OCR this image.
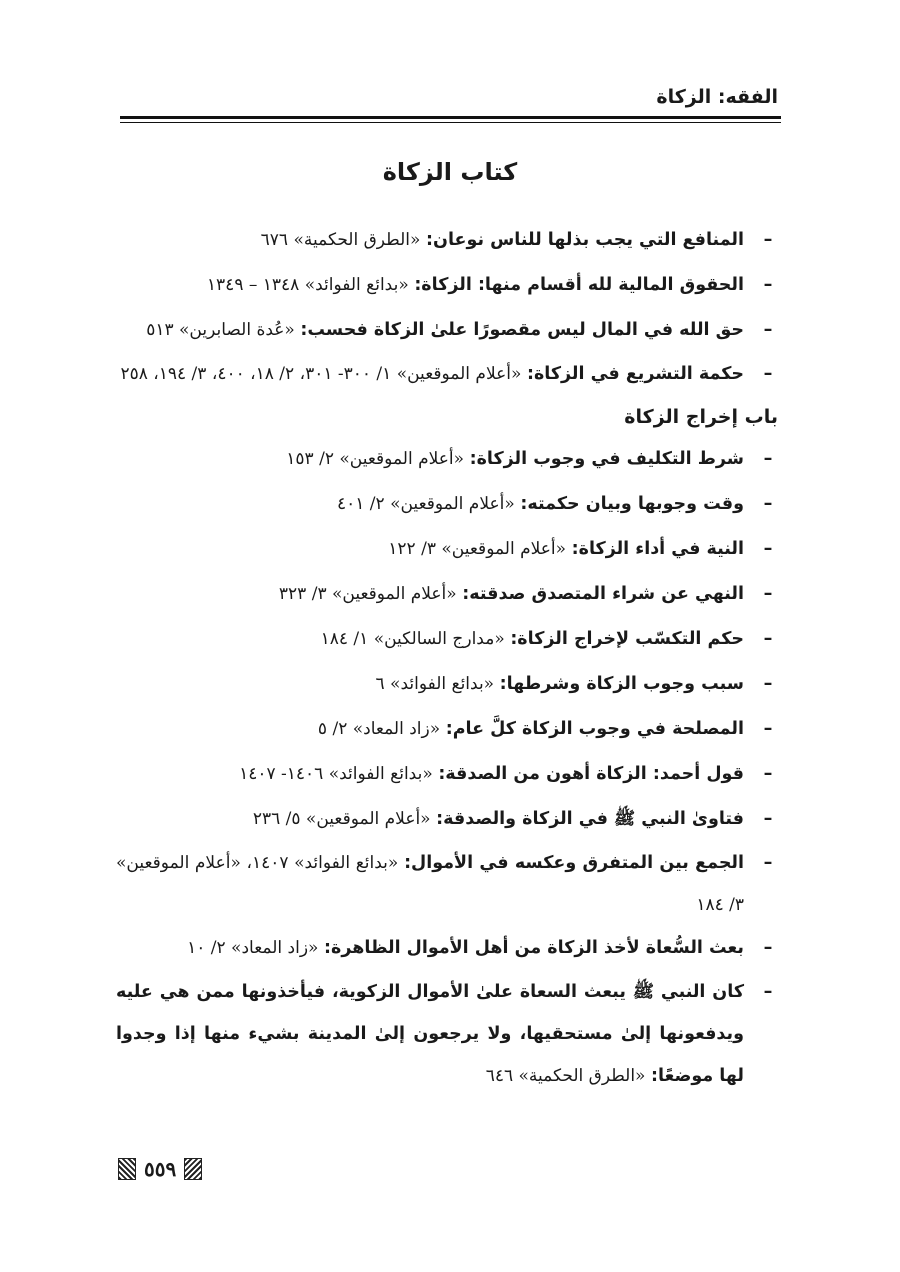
الفقه: الزكاة
كتاب الزكاة
–
المنافع التي يجب بذلها للناس نوعان: «الطرق الحكمية» ٦٧٦
–
الحقوق المالية لله أقسام منها: الزكاة: «بدائع الفوائد» ١٣٤٨ – ١٣٤٩
–
حق الله في المال ليس مقصورًا علىٰ الزكاة فحسب: «عُدة الصابرين» ٥١٣
–
حكمة التشريع في الزكاة: «أعلام الموقعين» ١/ ٣٠٠- ٣٠١، ٢/ ١٨، ٤٠٠، ٣/ ١٩٤، ٢٥٨
باب إخراج الزكاة
–
شرط التكليف في وجوب الزكاة: «أعلام الموقعين» ٢/ ١٥٣
–
وقت وجوبها وبيان حكمته: «أعلام الموقعين» ٢/ ٤٠١
–
النية في أداء الزكاة: «أعلام الموقعين» ٣/ ١٢٢
–
النهي عن شراء المتصدق صدقته: «أعلام الموقعين» ٣/ ٣٢٣
–
حكم التكسّب لإخراج الزكاة: «مدارج السالكين» ١/ ١٨٤
–
سبب وجوب الزكاة وشرطها: «بدائع الفوائد» ٦
–
المصلحة في وجوب الزكاة كلَّ عام: «زاد المعاد» ٢/ ٥
–
قول أحمد: الزكاة أهون من الصدقة: «بدائع الفوائد» ١٤٠٦- ١٤٠٧
–
فتاوىٰ النبي ﷺ في الزكاة والصدقة: «أعلام الموقعين» ٥/ ٢٣٦
–
الجمع بين المتفرق وعكسه في الأموال: «بدائع الفوائد» ١٤٠٧، «أعلام الموقعين» ٣/ ١٨٤
–
بعث السُّعاة لأخذ الزكاة من أهل الأموال الظاهرة: «زاد المعاد» ٢/ ١٠
–
كان النبي ﷺ يبعث السعاة علىٰ الأموال الزكوية، فيأخذونها ممن هي عليه ويدفعونها إلىٰ مستحقيها، ولا يرجعون إلىٰ المدينة بشيء منها إذا وجدوا لها موضعًا: «الطرق الحكمية» ٦٤٦
٥٥٩
